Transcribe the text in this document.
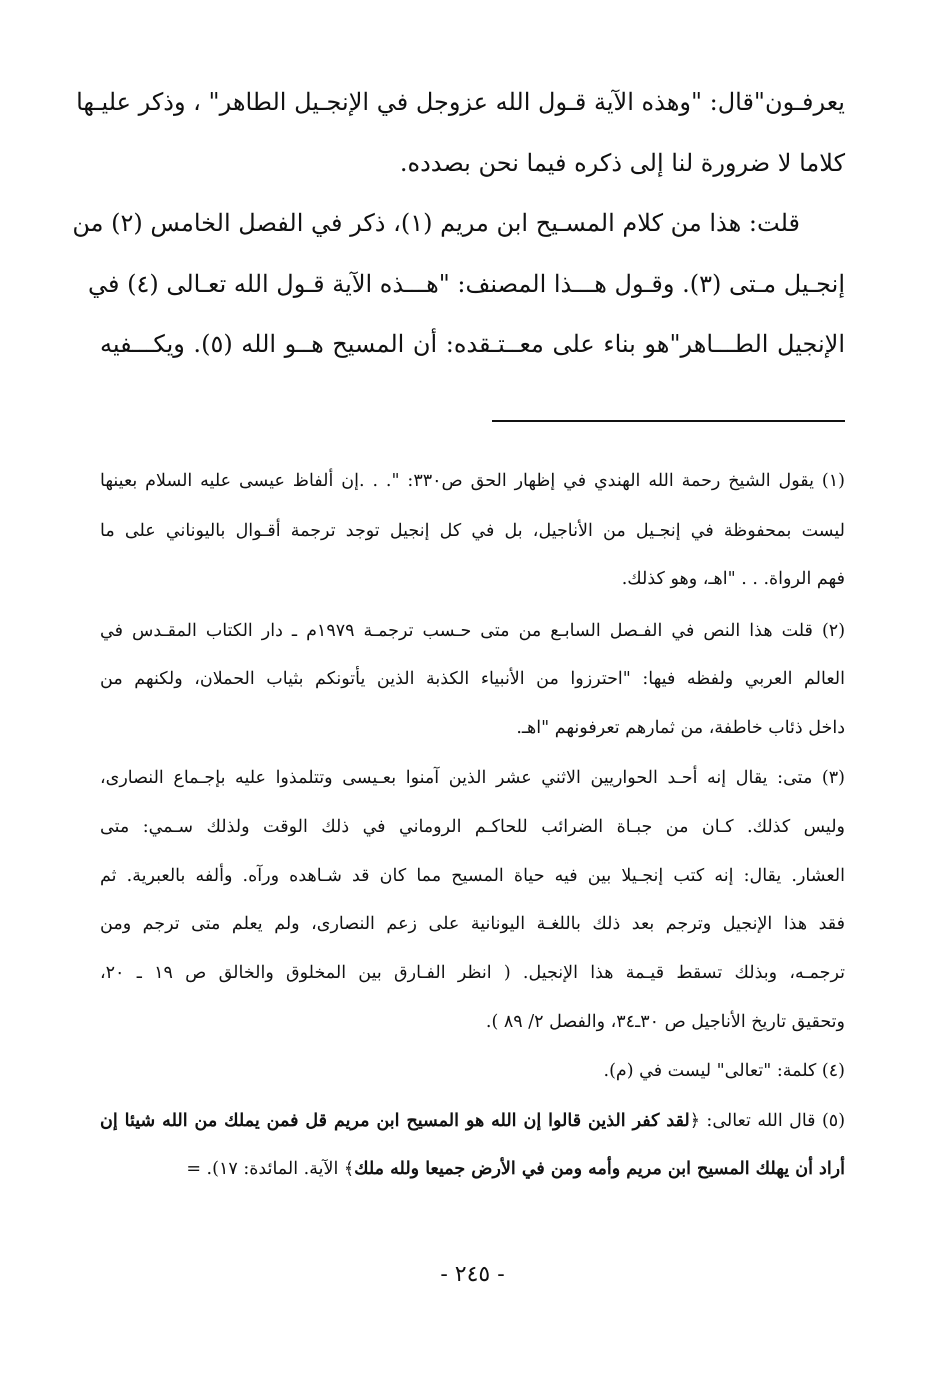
يعرفـون"قال: "وهذه الآية قـول الله عزوجل في الإنجـيل الطاهر" ، وذكر عليـها
كلاما لا ضرورة لنا إلى ذكره فيما نحن بصدده.
قلت: هذا من كلام المسـيح ابن مريم (١)، ذكر في الفصل الخامس (٢) من
إنجـيل مـتى (٣). وقـول هـــذا المصنف: "هـــذه الآية قـول الله تعـالى (٤) في
الإنجيل الطـــاهر"هو بناء على معــتـقده: أن المسيح هــو الله (٥). ويكـــفيه
(١) يقول الشيخ رحمة الله الهندي في إظهار الحق ص٣٣٠: ". . .إن ألفاظ عيسى عليه السلام بعينها
ليست بمحفوظة في إنجـيل من الأناجيل، بل في كل إنجيل توجد ترجمة أقـوال باليوناني على ما
فهم الرواة. . . "اهـ، وهو كذلك.
(٢) قلت هذا النص في الفـصل السابـع من متى حـسب ترجمـة ١٩٧٩م ـ دار الكتاب المقـدس في
العالم العربي ولفظه فيها: "احترزوا من الأنبياء الكذبة الذين يأتونكم بثياب الحملان، ولكنهم من
داخل ذئاب خاطفة، من ثمارهم تعرفونهم "اهـ.
(٣) متى: يقال إنه أحـد الحواريين الاثني عشر الذين آمنوا بعـيسى وتتلمذوا عليه بإجـماع النصارى،
وليس كذلك. كـان من جبـاة الضرائب للحاكـم الروماني في ذلك الوقت ولذلك سـمي: متى
العشار. يقال: إنه كتب إنجـيلا بين فيه حياة المسيح مما كان قد شـاهده ورآه. وألفه بالعبرية. ثم
فقد هذا الإنجيل وترجم بعد ذلك باللغـة اليونانية على زعم النصارى، ولم يعلم متى ترجم ومن
ترجمـه، وبذلك تسقط قيـمة هذا الإنجيل. ( انظر الفـارق بين المخلوق والخالق ص ١٩ ـ ٢٠،
وتحقيق تاريخ الأناجيل ص ٣٠ـ٣٤، والفصل ٢/ ٨٩ ).
(٤) كلمة: "تعالى" ليست في (م).
(٥) قال الله تعالى: ﴿لقد كفر الذين قالوا إن الله هو المسيح ابن مريم قل فمن يملك من الله شيئا إن
أراد أن يهلك المسيح ابن مريم وأمه ومن في الأرض جميعا ولله ملك﴾ الآية. المائدة: ١٧). =
- ٢٤٥ -
